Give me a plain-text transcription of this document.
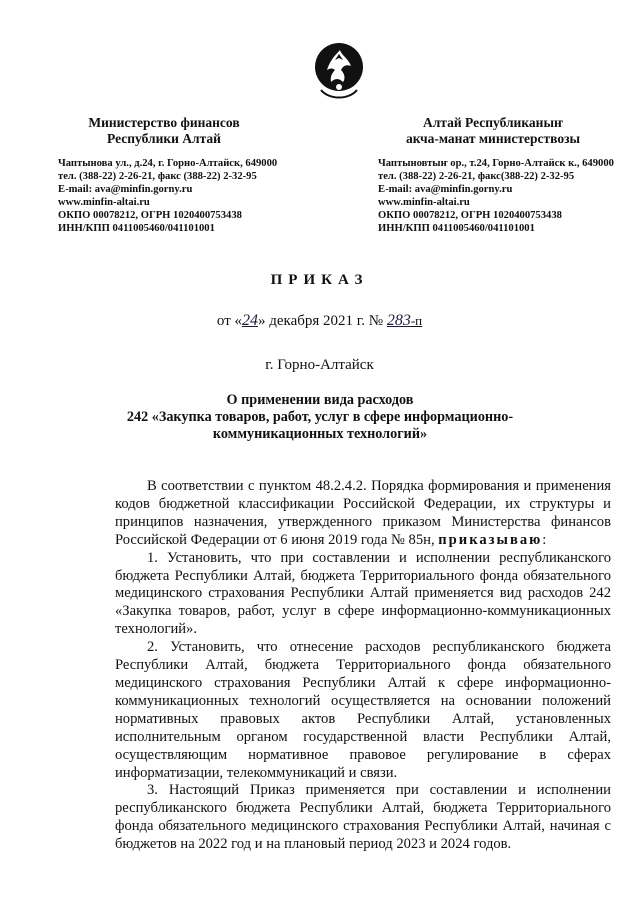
Министерство финансов
Республики Алтай

Чаптынова ул., д.24, г. Горно-Алтайск, 649000
тел. (388-22) 2-26-21, факс (388-22) 2-32-95
E-mail: ava@minfin.gorny.ru
www.minfin-altai.ru
ОКПО 00078212, ОГРН 1020400753438
ИНН/КПП 0411005460/041101001

Алтай Республиканыҥ
акча-манат министерствозы

Чаптыновтыҥ ор., т.24, Горно-Алтайск к., 649000
тел. (388-22) 2-26-21, факс(388-22) 2-32-95
E-mail: ava@minfin.gorny.ru
www.minfin-altai.ru
ОКПО 00078212, ОГРН 1020400753438
ИНН/КПП 0411005460/041101001
ПРИКАЗ
от «24» декабря 2021 г. № 283-п
г. Горно-Алтайск
О применении вида расходов
242 «Закупка товаров, работ, услуг в сфере информационно-
коммуникационных технологий»

В соответствии с пунктом 48.2.4.2. Порядка формирования и применения кодов бюджетной классификации Российской Федерации, их структуры и принципов назначения, утвержденного приказом Министерства финансов Российской Федерации от 6 июня 2019 года № 85н, приказываю:

1. Установить, что при составлении и исполнении республиканского бюджета Республики Алтай, бюджета Территориального фонда обязательного медицинского страхования Республики Алтай применяется вид расходов 242 «Закупка товаров, работ, услуг в сфере информационно-коммуникационных технологий».

2. Установить, что отнесение расходов республиканского бюджета Республики Алтай, бюджета Территориального фонда обязательного медицинского страхования Республики Алтай к сфере информационно-коммуникационных технологий осуществляется на основании положений нормативных правовых актов Республики Алтай, установленных исполнительным органом государственной власти Республики Алтай, осуществляющим нормативное правовое регулирование в сферах информатизации, телекоммуникаций и связи.

3. Настоящий Приказ применяется при составлении и исполнении республиканского бюджета Республики Алтай, бюджета Территориального фонда обязательного медицинского страхования Республики Алтай, начиная с бюджетов на 2022 год и на плановый период 2023 и 2024 годов.
